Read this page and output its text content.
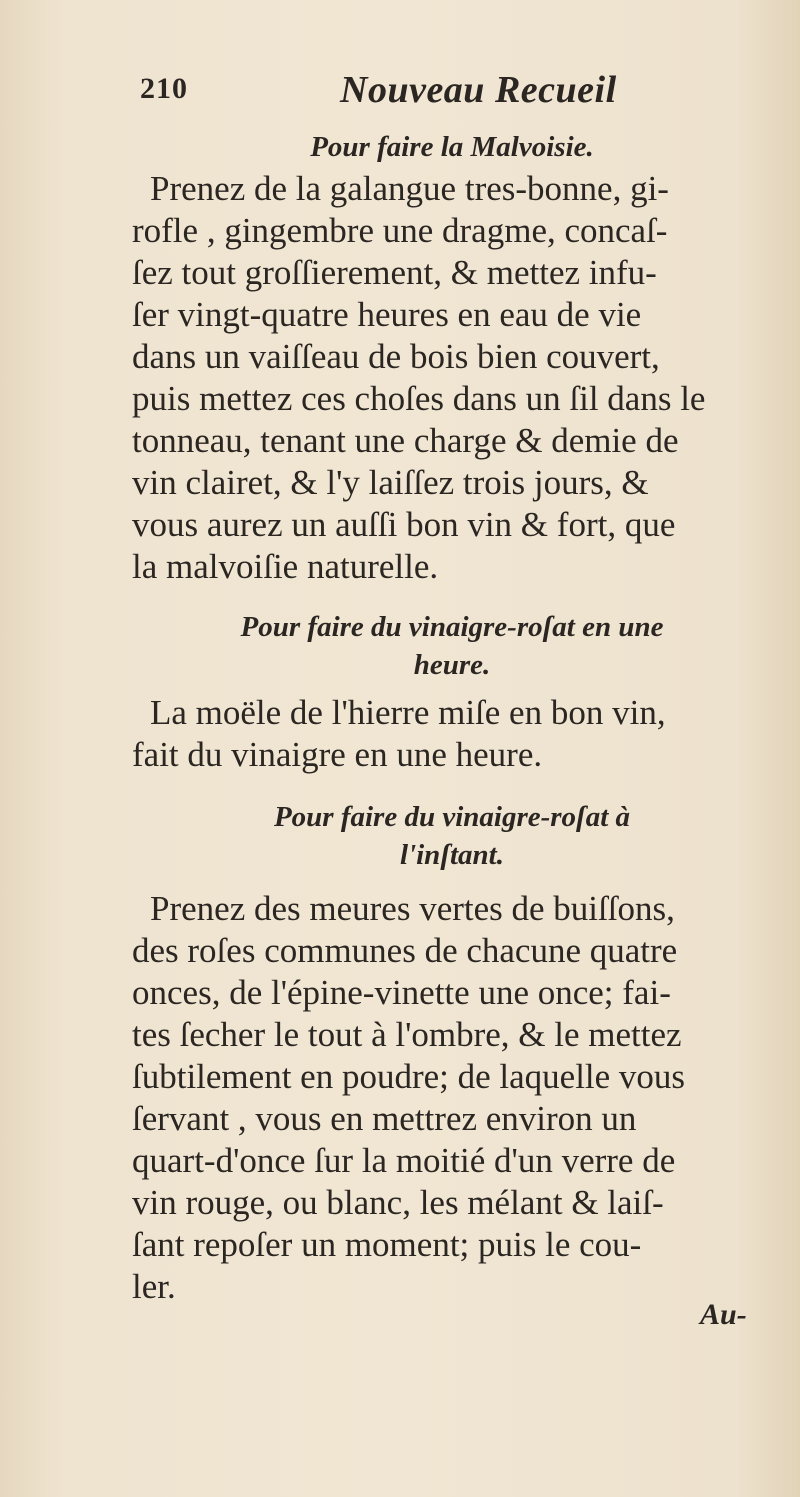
210	Nouveau Recueil
Pour faire la Malvoisie.
Prenez de la galangue tres-bonne, gi-
rofle , gingembre une dragme, concaſ-
ſez tout groſſierement, & mettez infu-
ſer vingt-quatre heures en eau de vie
dans un vaiſſeau de bois bien couvert,
puis mettez ces choſes dans un ſil dans le
tonneau, tenant une charge & demie de
vin clairet, & l'y laiſſez trois jours, &
vous aurez un auſſi bon vin & fort, que
la malvoiſie naturelle.
Pour faire du vinaigre-roſat en une
heure.
La moële de l'hierre miſe en bon vin,
fait du vinaigre en une heure.
Pour faire du vinaigre-roſat à
l'inſtant.
Prenez des meures vertes de buiſſons,
des roſes communes de chacune quatre
onces, de l'épine-vinette une once; fai-
tes ſecher le tout à l'ombre, & le mettez
ſubtilement en poudre; de laquelle vous
ſervant , vous en mettrez environ un
quart-d'once ſur la moitié d'un verre de
vin rouge, ou blanc, les mélant & laiſ-
ſant repoſer un moment; puis le cou-
ler.
Au-
